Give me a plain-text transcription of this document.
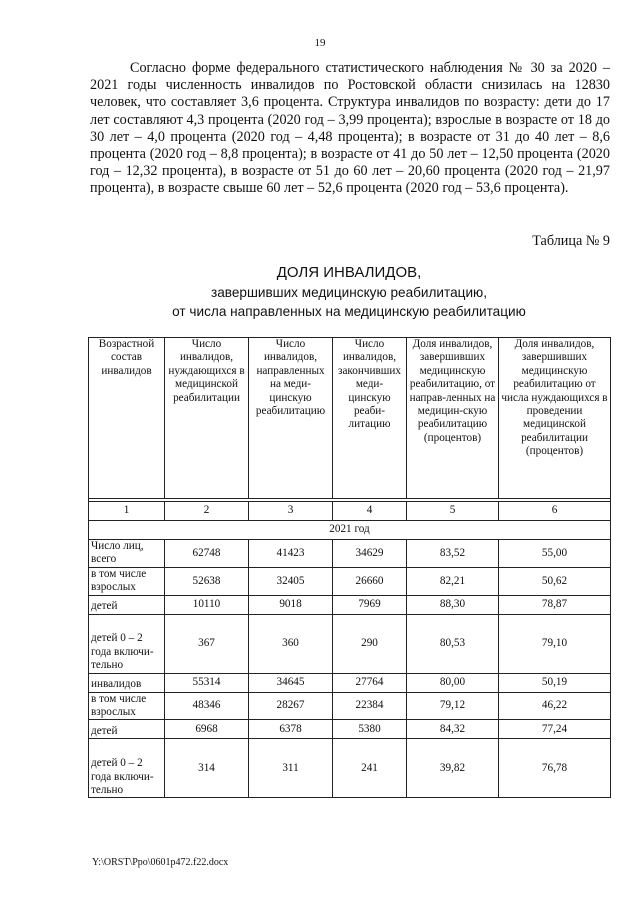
19

Согласно форме федерального статистического наблюдения № 30 за 2020 – 2021 годы численность инвалидов по Ростовской области снизилась на 12830 человек, что составляет 3,6 процента. Структура инвалидов по возрасту: дети до 17 лет составляют 4,3 процента (2020 год – 3,99 процента); взрослые в возрасте от 18 до 30 лет – 4,0 процента (2020 год – 4,48 процента); в возрасте от 31 до 40 лет – 8,6 процента (2020 год – 8,8 процента); в возрасте от 41 до 50 лет – 12,50 процента (2020 год – 12,32 процента), в возрасте от 51 до 60 лет – 20,60 процента (2020 год – 21,97 процента), в возрасте свыше 60 лет – 52,6 процента (2020 год – 53,6 процента).

Таблица № 9
ДОЛЯ ИНВАЛИДОВ,
завершивших медицинскую реабилитацию,
от числа направленных на медицинскую реабилитацию
Возрастной состав инвалидов	Число инвалидов, нуждающихся в медицинской реабилитации	Число инвалидов, направленных на меди-цинскую реабилитацию	Число инвалидов, закончивших меди-цинскую реаби-литацию	Доля инвалидов, завершивших медицинскую реабилитацию, от направ-ленных на медицин-скую реабилитацию (процентов)	Доля инвалидов, завершивших медицинскую реабилитацию от числа нуждающихся в проведении медицинской реабилитации (процентов)

1	2	3	4	5	6
2021 год					
Число лиц, всего	62748	41423	34629	83,52	55,00
в том числе взрослых	52638	32405	26660	82,21	50,62
детей	10110	9018	7969	88,30	78,87
детей 0 – 2 года включи-тельно	367	360	290	80,53	79,10
инвалидов	55314	34645	27764	80,00	50,19
в том числе взрослых	48346	28267	22384	79,12	46,22
детей	6968	6378	5380	84,32	77,24
детей 0 – 2 года включи-тельно	314	311	241	39,82	76,78
Y:\ORST\Ppo\0601p472.f22.docx
